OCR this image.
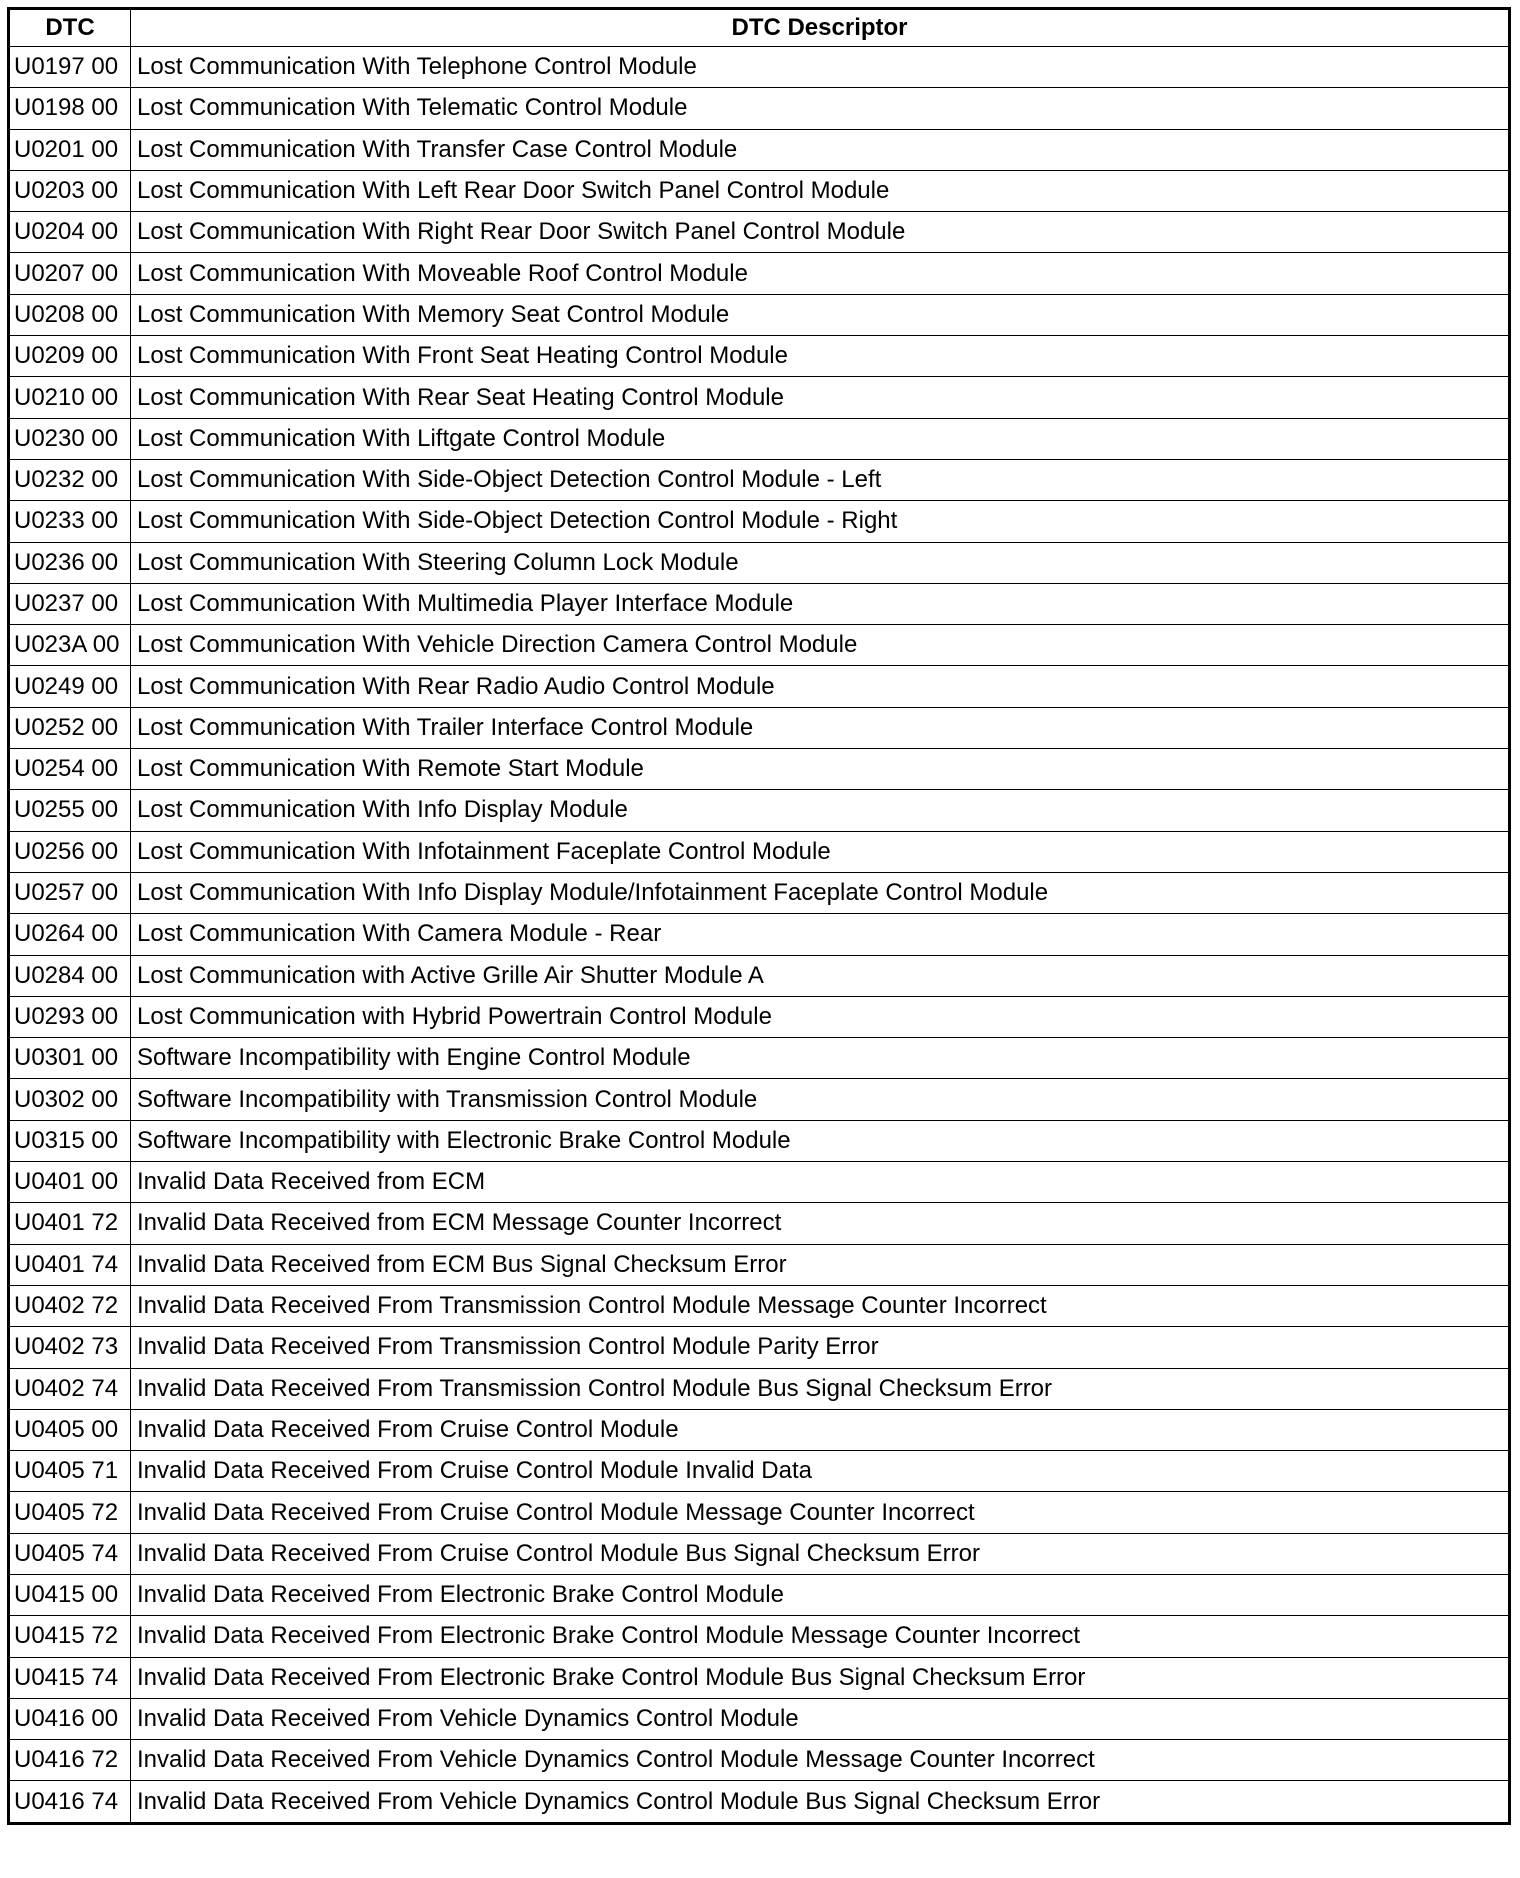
DTC	DTC Descriptor
U0197 00	Lost Communication With Telephone Control Module
U0198 00	Lost Communication With Telematic Control Module
U0201 00	Lost Communication With Transfer Case Control Module
U0203 00	Lost Communication With Left Rear Door Switch Panel Control Module
U0204 00	Lost Communication With Right Rear Door Switch Panel Control Module
U0207 00	Lost Communication With Moveable Roof Control Module
U0208 00	Lost Communication With Memory Seat Control Module
U0209 00	Lost Communication With Front Seat Heating Control Module
U0210 00	Lost Communication With Rear Seat Heating Control Module
U0230 00	Lost Communication With Liftgate Control Module
U0232 00	Lost Communication With Side-Object Detection Control Module - Left
U0233 00	Lost Communication With Side-Object Detection Control Module - Right
U0236 00	Lost Communication With Steering Column Lock Module
U0237 00	Lost Communication With Multimedia Player Interface Module
U023A 00	Lost Communication With Vehicle Direction Camera Control Module
U0249 00	Lost Communication With Rear Radio Audio Control Module
U0252 00	Lost Communication With Trailer Interface Control Module
U0254 00	Lost Communication With Remote Start Module
U0255 00	Lost Communication With Info Display Module
U0256 00	Lost Communication With Infotainment Faceplate Control Module
U0257 00	Lost Communication With Info Display Module/Infotainment Faceplate Control Module
U0264 00	Lost Communication With Camera Module - Rear
U0284 00	Lost Communication with Active Grille Air Shutter Module A
U0293 00	Lost Communication with Hybrid Powertrain Control Module
U0301 00	Software Incompatibility with Engine Control Module
U0302 00	Software Incompatibility with Transmission Control Module
U0315 00	Software Incompatibility with Electronic Brake Control Module
U0401 00	Invalid Data Received from ECM
U0401 72	Invalid Data Received from ECM Message Counter Incorrect
U0401 74	Invalid Data Received from ECM Bus Signal Checksum Error
U0402 72	Invalid Data Received From Transmission Control Module Message Counter Incorrect
U0402 73	Invalid Data Received From Transmission Control Module Parity Error
U0402 74	Invalid Data Received From Transmission Control Module Bus Signal Checksum Error
U0405 00	Invalid Data Received From Cruise Control Module
U0405 71	Invalid Data Received From Cruise Control Module Invalid Data
U0405 72	Invalid Data Received From Cruise Control Module Message Counter Incorrect
U0405 74	Invalid Data Received From Cruise Control Module Bus Signal Checksum Error
U0415 00	Invalid Data Received From Electronic Brake Control Module
U0415 72	Invalid Data Received From Electronic Brake Control Module Message Counter Incorrect
U0415 74	Invalid Data Received From Electronic Brake Control Module Bus Signal Checksum Error
U0416 00	Invalid Data Received From Vehicle Dynamics Control Module
U0416 72	Invalid Data Received From Vehicle Dynamics Control Module Message Counter Incorrect
U0416 74	Invalid Data Received From Vehicle Dynamics Control Module Bus Signal Checksum Error
